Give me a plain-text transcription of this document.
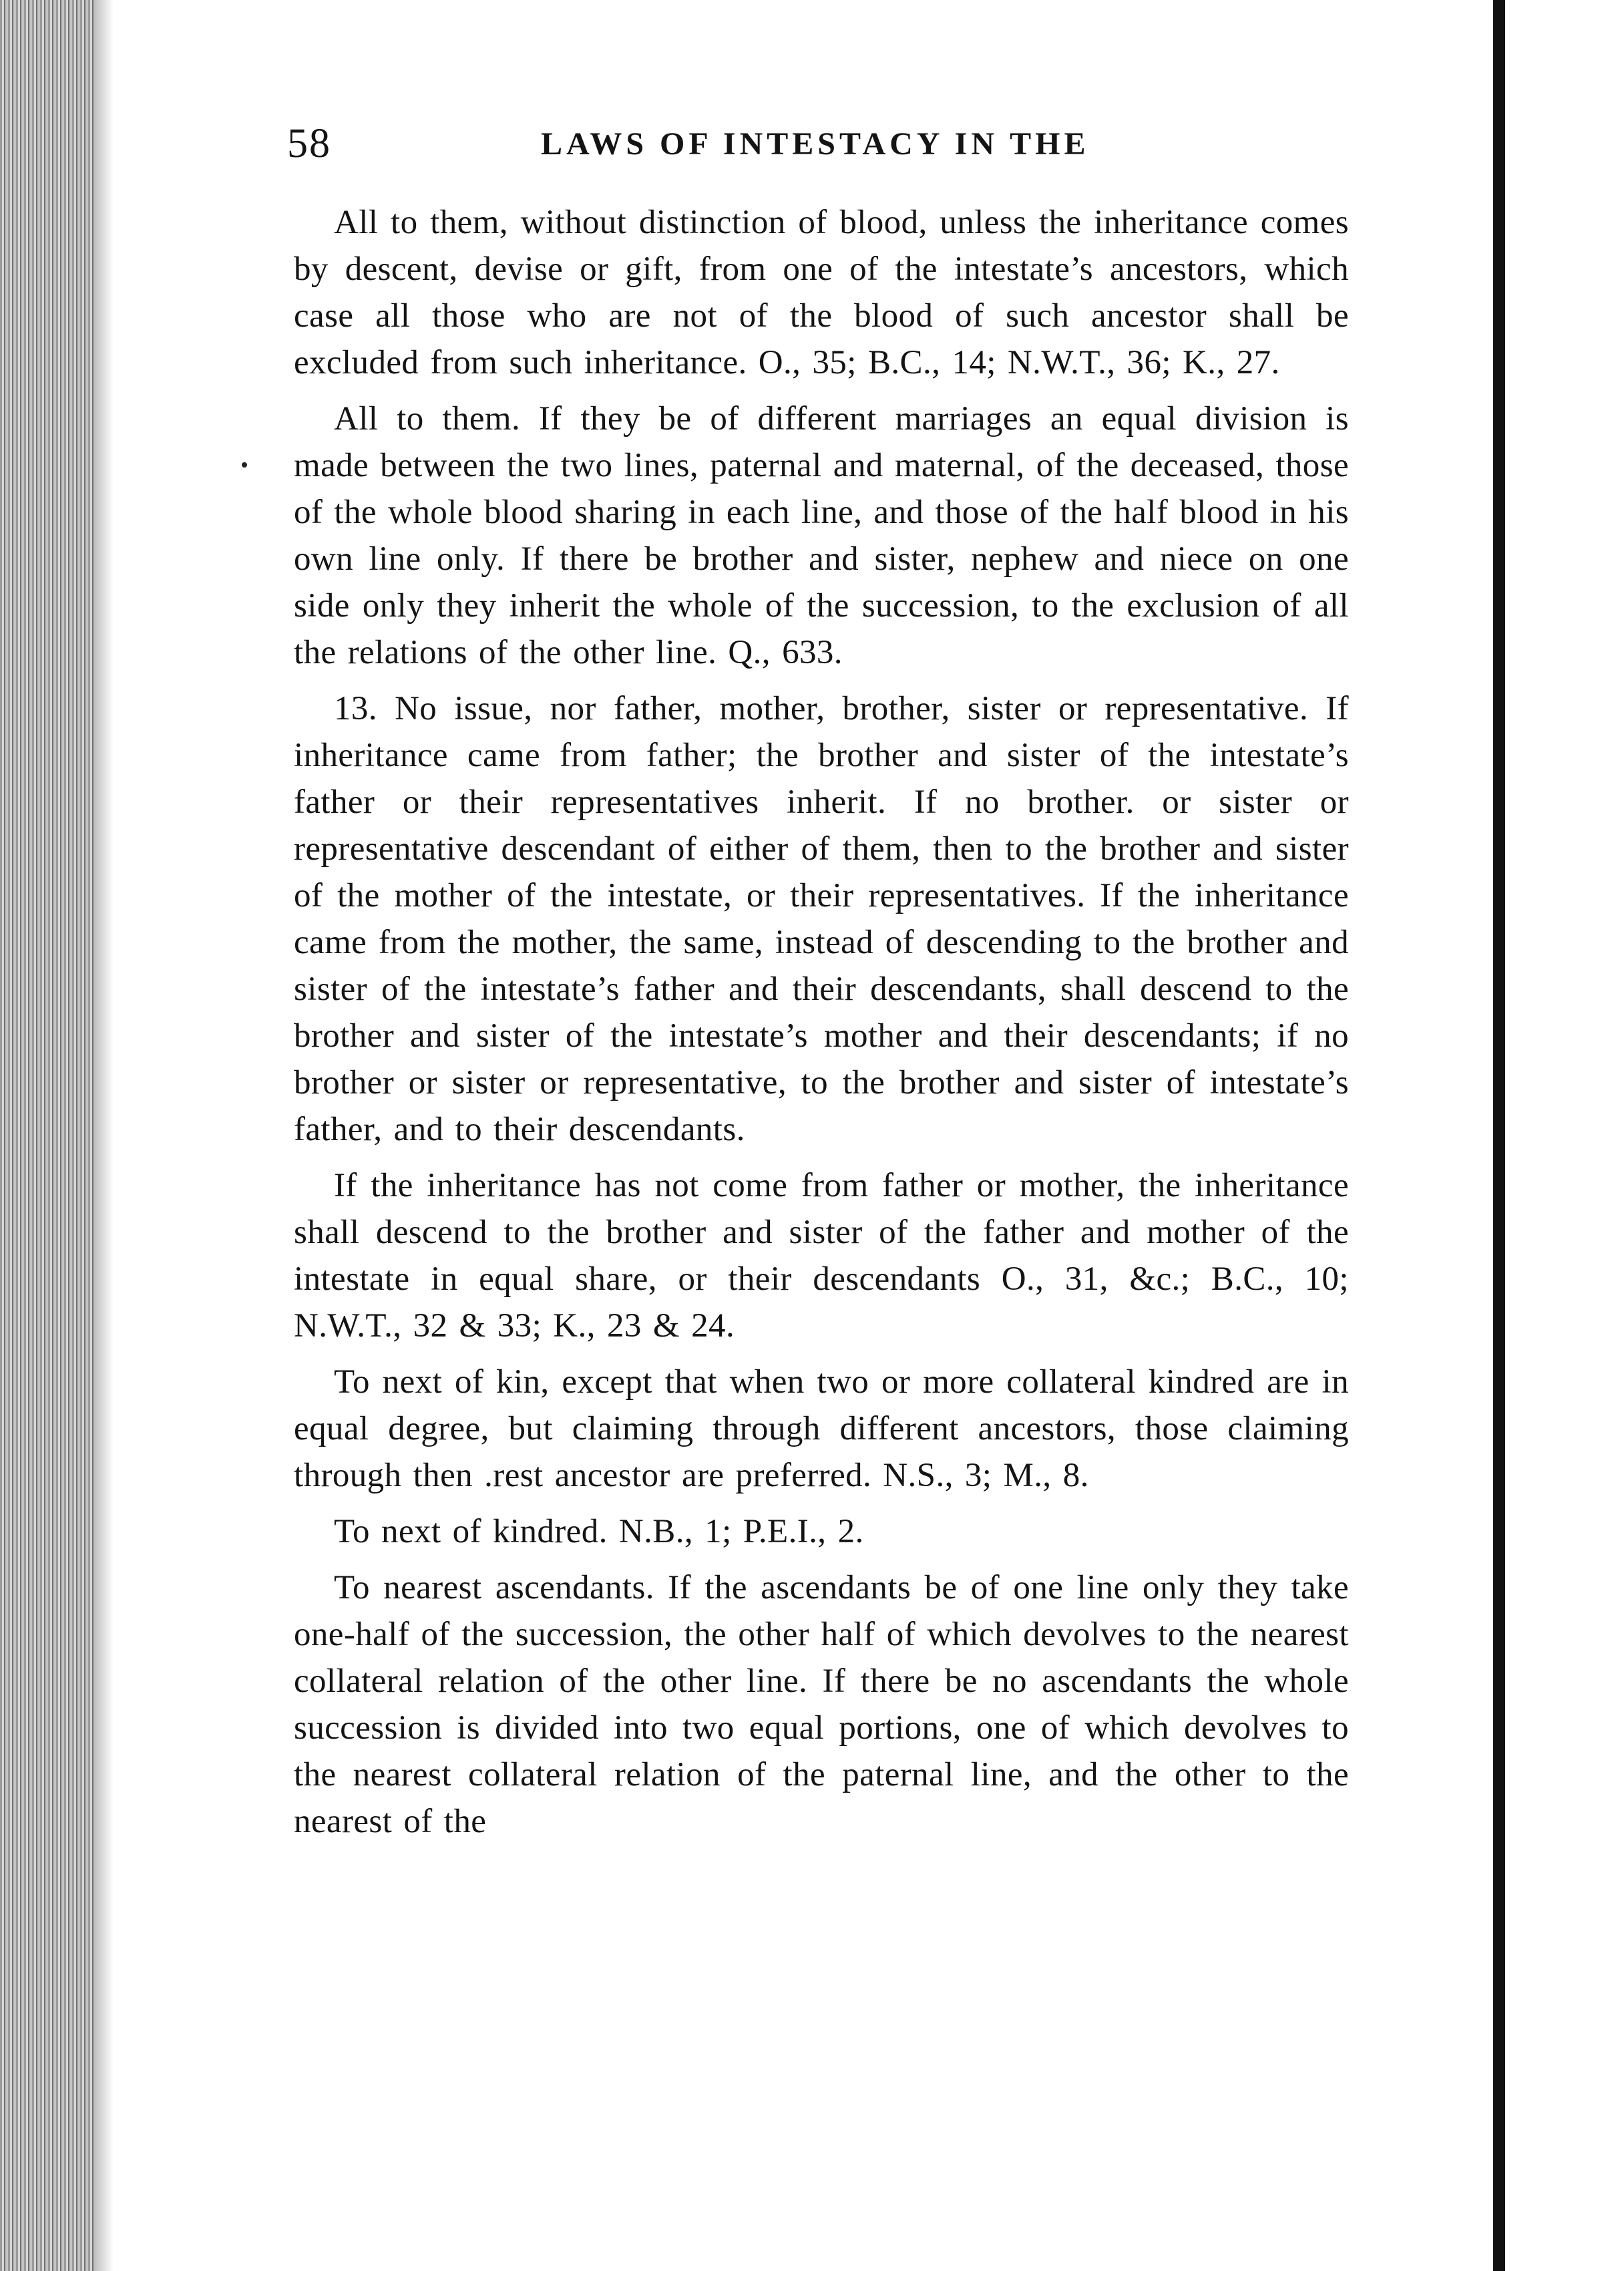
58	LAWS OF INTESTACY IN THE

All to them, without distinction of blood, unless the inheritance comes by descent, devise or gift, from one of the intestate’s ancestors, which case all those who are not of the blood of such ancestor shall be excluded from such inheritance. O., 35; B.C., 14; N.W.T., 36; K., 27.

All to them. If they be of different marriages an equal division is made between the two lines, paternal and maternal, of the deceased, those of the whole blood sharing in each line, and those of the half blood in his own line only. If there be brother and sister, nephew and niece on one side only they inherit the whole of the succession, to the exclusion of all the relations of the other line. Q., 633.

13. No issue, nor father, mother, brother, sister or representative. If inheritance came from father; the brother and sister of the intestate’s father or their representatives inherit. If no brother. or sister or representative descendant of either of them, then to the brother and sister of the mother of the intestate, or their representatives. If the inheritance came from the mother, the same, instead of descending to the brother and sister of the intestate’s father and their descendants, shall descend to the brother and sister of the intestate’s mother and their descendants; if no brother or sister or representative, to the brother and sister of intestate’s father, and to their descendants.

If the inheritance has not come from father or mother, the inheritance shall descend to the brother and sister of the father and mother of the intestate in equal share, or their descendants O., 31, &c.; B.C., 10; N.W.T., 32 & 33; K., 23 & 24.

To next of kin, except that when two or more collateral kindred are in equal degree, but claiming through different ancestors, those claiming through then .rest ancestor are preferred. N.S., 3; M., 8.

To next of kindred. N.B., 1; P.E.I., 2.

To nearest ascendants. If the ascendants be of one line only they take one-half of the succession, the other half of which devolves to the nearest collateral relation of the other line. If there be no ascendants the whole succession is divided into two equal portions, one of which devolves to the nearest collateral relation of the paternal line, and the other to the nearest of the
